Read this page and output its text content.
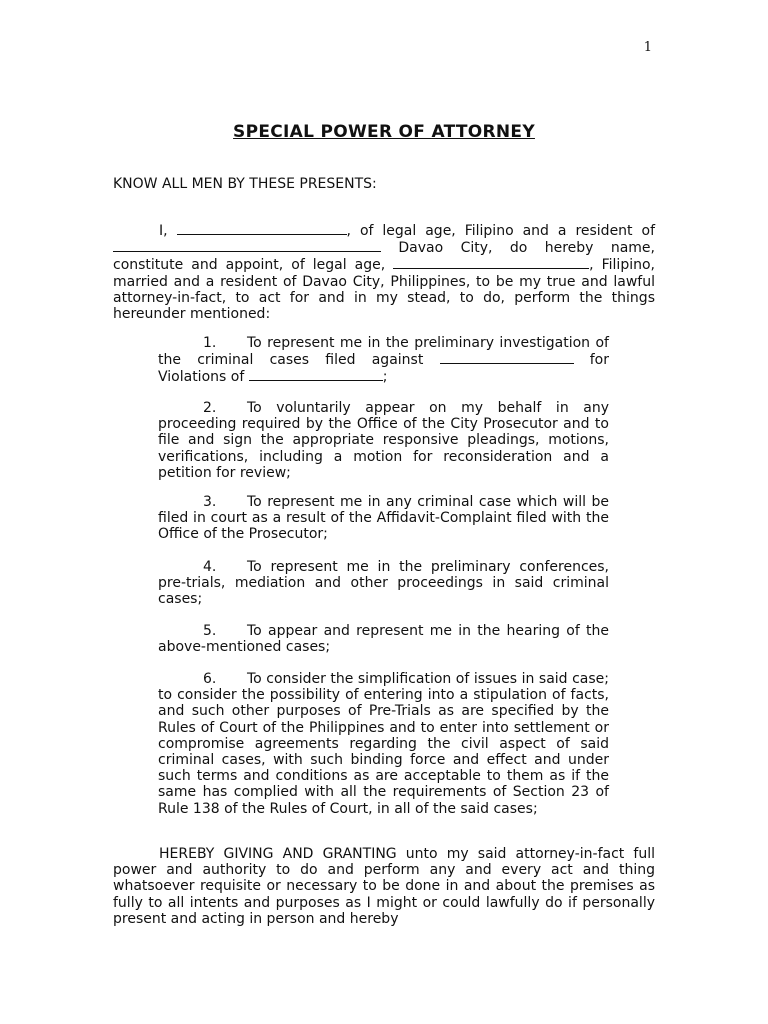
1
SPECIAL POWER OF ATTORNEY
KNOW ALL MEN BY THESE PRESENTS:

I,	, of legal age, Filipino and a resident of  Davao City, do hereby name, constitute and appoint, of legal age,	, Filipino, married and a resident of Davao City, Philippines, to be my true and lawful attorney-in-fact, to act for and in my stead, to do, perform the things hereunder mentioned:

1. To represent me in the preliminary investigation of the criminal cases filed against	for Violations of	;
2. To voluntarily appear on my behalf in any proceeding required by the Office of the City Prosecutor and to file and sign the appropriate responsive pleadings, motions, verifications, including a motion for reconsideration and a petition for review;
3. To represent me in any criminal case which will be filed in court as a result of the Affidavit-Complaint filed with the Office of the Prosecutor;
4. To represent me in the preliminary conferences, pre-trials, mediation and other proceedings in said criminal cases;
5. To appear and represent me in the hearing of the above-mentioned cases;
6. To consider the simplification of issues in said case; to consider the possibility of entering into a stipulation of facts, and such other purposes of Pre-Trials as are specified by the Rules of Court of the Philippines and to enter into settlement or compromise agreements regarding the civil aspect of said criminal cases, with such binding force and effect and under such terms and conditions as are acceptable to them as if the same has complied with all the requirements of Section 23 of Rule 138 of the Rules of Court, in all of the said cases;

HEREBY GIVING AND GRANTING unto my said attorney-in-fact full power and authority to do and perform any and every act and thing whatsoever requisite or necessary to be done in and about the premises as fully to all intents and purposes as I might or could lawfully do if personally present and acting in person and hereby
